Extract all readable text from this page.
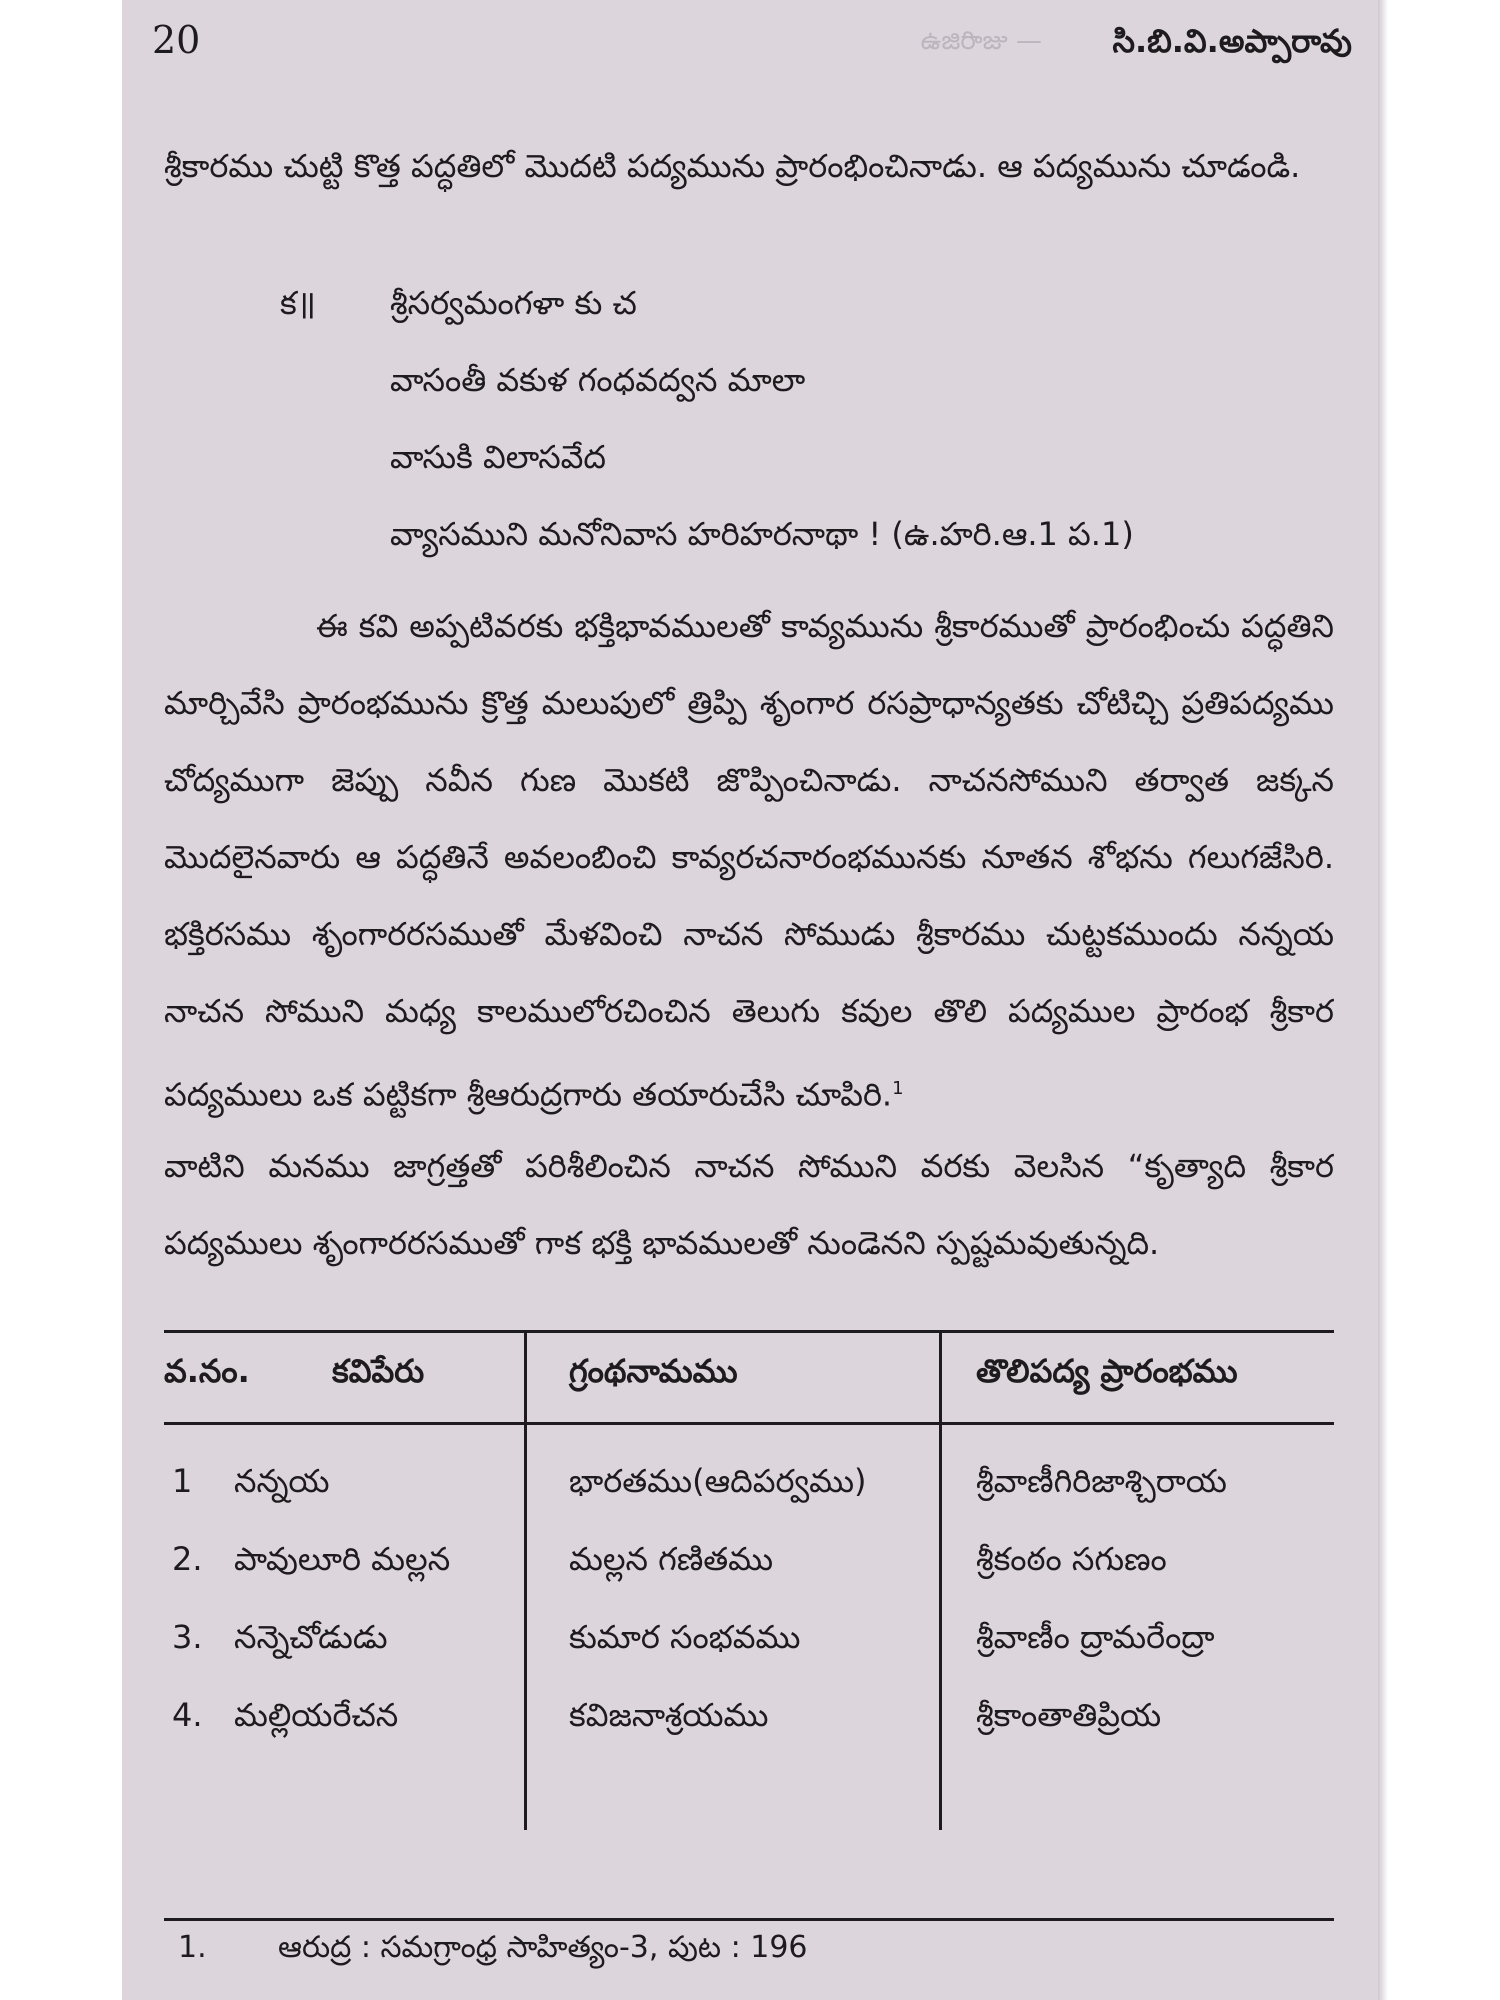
20	ఉజిరిాజు — సి.బి.వి.అప్పారావు

శ్రీకారము చుట్టి కొత్త పద్ధతిలో మొదటి పద్యమును ప్రారంభించినాడు. ఆ పద్యమును చూడండి.

క॥ శ్రీసర్వమంగళా కు చ
వాసంతీ వకుళ గంధవద్వన మాలా
వాసుకి విలాసవేద
వ్యాసముని మనోనివాస హరిహరనాథా ! (ఉ.హరి.ఆ.1 ప.1)

ఈ కవి అప్పటివరకు భక్తిభావములతో కావ్యమును శ్రీకారముతో ప్రారంభించు పద్ధతిని మార్చివేసి ప్రారంభమును క్రొత్త మలుపులో త్రిప్పి శృంగార రసప్రాధాన్యతకు చోటిచ్చి ప్రతిపద్యము చోద్యముగా జెప్పు నవీన గుణ మొకటి జొప్పించినాడు. నాచనసోముని తర్వాత జక్కన మొదలైనవారు ఆ పద్ధతినే అవలంబించి కావ్యరచనారంభమునకు నూతన శోభను గలుగజేసిరి. భక్తిరసము శృంగారరసముతో మేళవించి నాచన సోముడు శ్రీకారము చుట్టకముందు నన్నయ నాచన సోముని మధ్య కాలములోరచించిన తెలుగు కవుల తొలి పద్యముల ప్రారంభ శ్రీకార పద్యములు ఒక పట్టికగా శ్రీఆరుద్రగారు తయారుచేసి చూపిరి.$^1$

వాటిని మనము జాగ్రత్తతో పరిశీలించిన నాచన సోముని వరకు వెలసిన “కృత్యాది శ్రీకార పద్యములు శృంగారరసముతో గాక భక్తి భావములతో నుండెనని స్పష్టమవుతున్నది.

వ.నం.	కవిపేరు	గ్రంథనామము	తొలిపద్య ప్రారంభము
1 నన్నయ	భారతము(ఆదిపర్వము)	శ్రీవాణీగిరిజాశ్చిరాయ
2. పావులూరి మల్లన	మల్లన గణితము	శ్రీకంఠం సగుణం
3. నన్నెచోడుడు	కుమార సంభవము	శ్రీవాణీం ద్రామరేంద్రా
4. మల్లియరేచన	కవిజనాశ్రయము	శ్రీకాంతాతిప్రియ
1. ఆరుద్ర : సమగ్రాంధ్ర సాహిత్యం-3, పుట : 196
